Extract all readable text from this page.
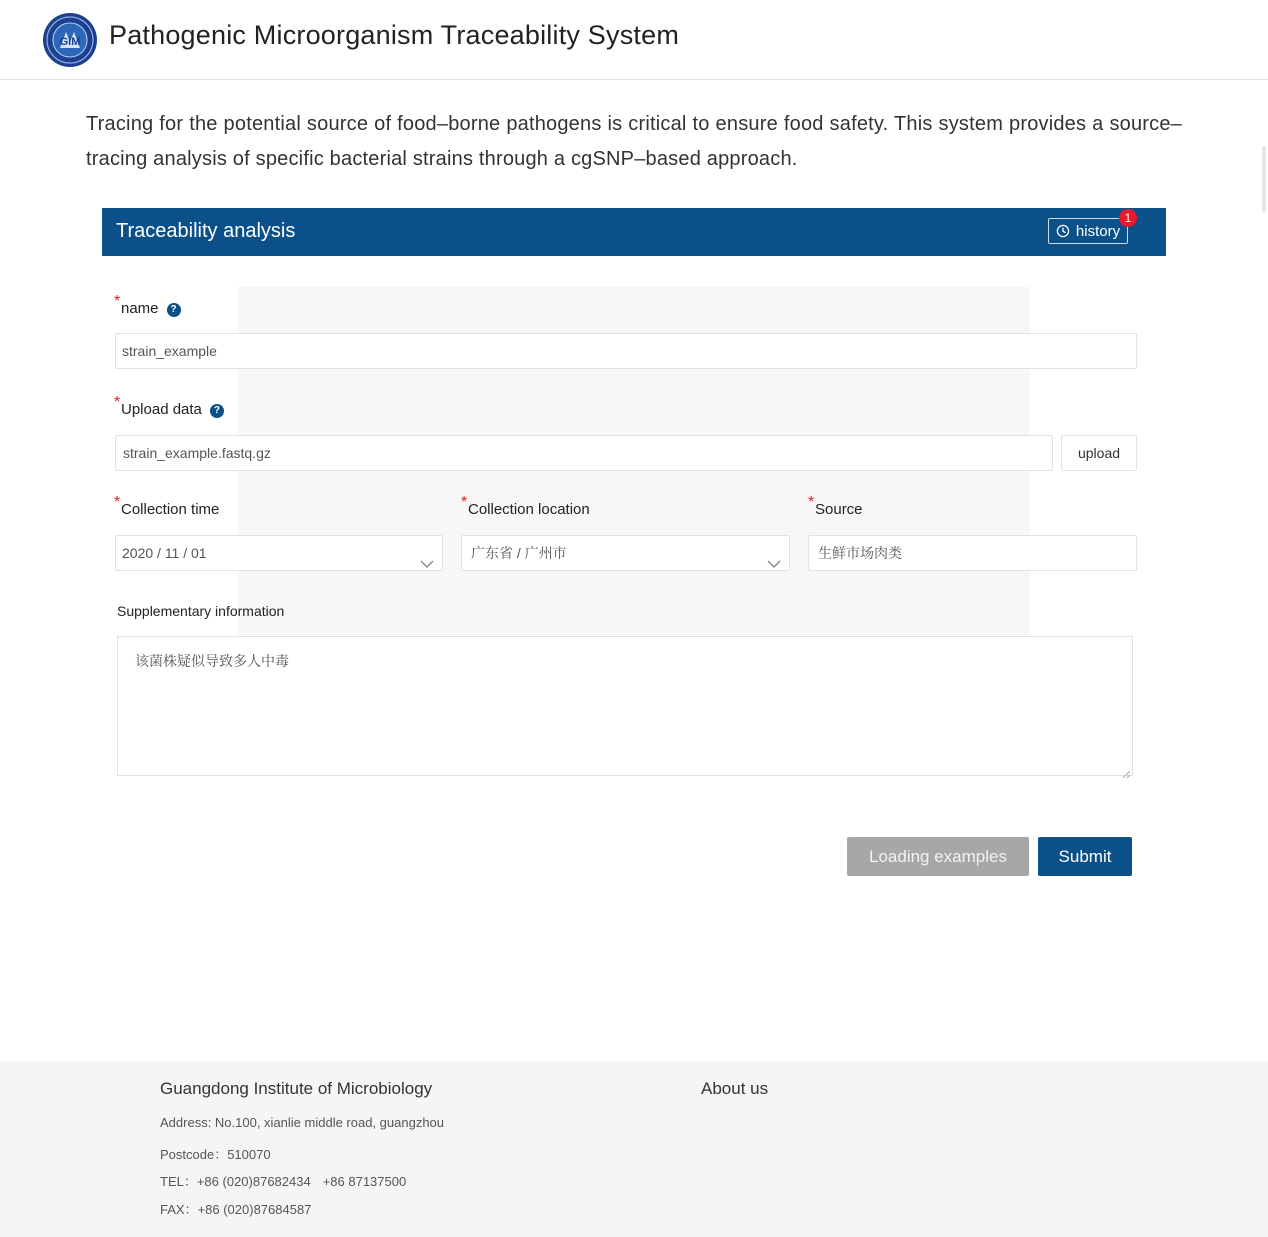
GIM Pathogenic Microorganism Traceability System
Tracing for the potential source of food–borne pathogens is critical to ensure food safety. This system provides a source–tracing analysis of specific bacterial strains through a cgSNP–based approach.
Traceability analysis	history
1
* name ?
strain_example
* Upload data ?
strain_example.fastq.gz	upload
* Collection time
2020 / 11 / 01
* Collection location
广东省 / 广州市
* Source
生鲜市场肉类
Supplementary information
该菌株疑似导致多人中毒
Loading examples	Submit
Guangdong Institute of Microbiology	About us
Address: No.100, xianlie middle road, guangzhou
Postcode：510070
TEL：+86 (020)87682434 +86 87137500
FAX：+86 (020)87684587
